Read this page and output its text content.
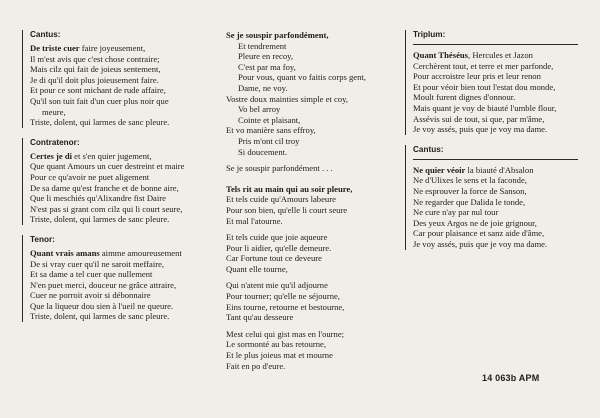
Cantus:
De triste cuer faire joyeusement,
Il m'est avis que c'est chose contraire;
Mais cilz qui fait de joieus sentement,
Je di qu'il doit plus joieusement faire.
Et pour ce sont michant de rude affaire,
Qu'il son tuit fait d'un cuer plus noir que
meure,
Triste, dolent, qui larmes de sanc pleure.
Contratenor:
Certes je di et s'en quier jugement,
Que quant Amours un cuer destreint et maire
Pour ce qu'avoir ne puet aligement
De sa dame qu'est franche et de bonne aire,
Que li meschiés qu'Alixandre fist Daire
N'est pas si grant com cilz qui li court seure,
Triste, dolent, qui larmes de sanc pleure.
Tenor:
Quant vrais amans aimme amoureusement
De si vray cuer qu'il ne saroit meffaire,
Et sa dame a tel cuer que nullement
N'en puet merci, douceur ne grâce attraire,
Cuer ne porroit avoir si débonnaire
Que la liqueur dou sien à l'ueil ne queure.
Triste, dolent, qui larmes de sanc pleure.
Se je souspir parfondément,
Et tendrement
Pleure en recoy,
C'est par ma foy,
Pour vous, quant vo faitis corps gent,
Dame, ne voy.
Vostre doux mainties simple et coy,
Vo bel arroy
Cointe et plaisant,
Et vo manière sans effroy,
Pris m'ont cil troy
Si doucement.
Se je souspir parfondément . . .
Tels rit au main qui au soir pleure,
Et tels cuide qu'Amours labeure
Pour son bien, qu'elle li court seure
Et mal l'atourne.
Et tels cuide que joie aqueure
Pour li aidier, qu'elle demeure.
Car Fortune tout ce deveure
Quant elle tourne,
Qui n'atent mie qu'il adjourne
Pour tourner; qu'elle ne séjourne,
Eins tourne, retourne et bestourne,
Tant qu'au desseure
Mest celui qui gist mas en l'ourne;
Le sormonté au bas retourne,
Et le plus joieus mat et mourne
Fait en po d'eure.
Triplum:
Quant Théséus, Hercules et Jazon
Cerchèrent tout, et terre et mer parfonde,
Pour accroistre leur pris et leur renon
Et pour véoir bien tout l'estat dou monde,
Moult furent dignes d'onnour.
Mais quant je voy de biauté l'umble flour,
Assévis sui de tout, si que, par m'âme,
Je voy assés, puis que je voy ma dame.
Cantus:
Ne quier véoir la biauté d'Absalon
Ne d'Ulixes le sens et la faconde,
Ne esprouver la force de Sanson,
Ne regarder que Dalida le tonde,
Ne cure n'ay par nul tour
Des yeux Argos ne de joie grignour,
Car pour plaisance et sanz aide d'âme,
Je voy assés, puis que je voy ma dame.
14 063b APM
